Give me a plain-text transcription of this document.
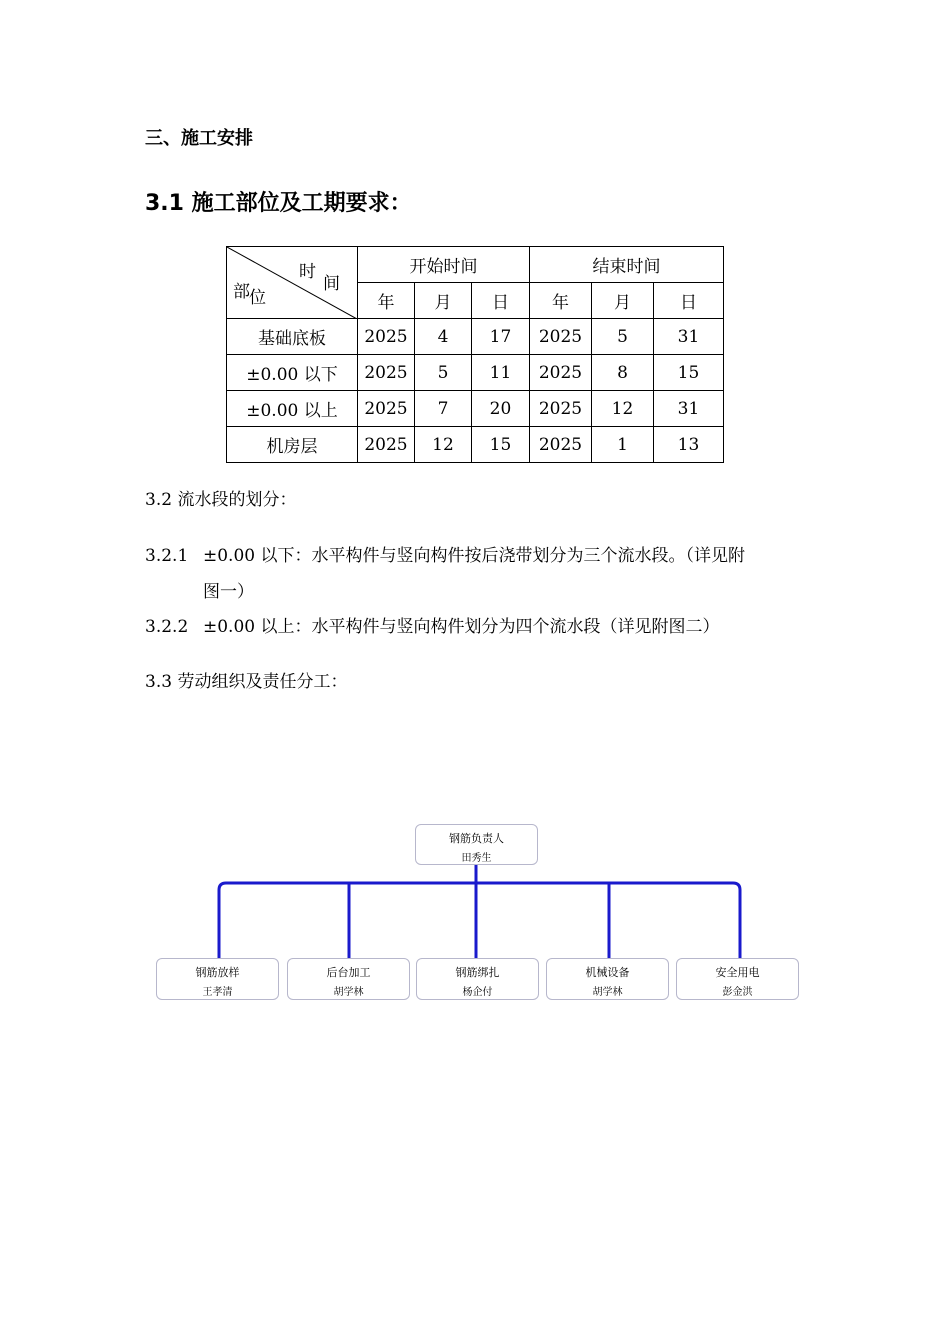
三、施工安排
3.1 施工部位及工期要求：
时
间
部 位	开始时间			结束时间		
	年	月	日	年	月	日
基础底板	2025	4	17	2025	5	31
±0.00 以下	2025	5	11	2025	8	15
±0.00 以上	2025	7	20	2025	12	31
机房层	2025	12	15	2025	1	13
3.2 流水段的划分：
3.2.1 ±0.00 以下：水平构件与竖向构件按后浇带划分为三个流水段。（详见附
图一）
3.2.2 ±0.00 以上：水平构件与竖向构件划分为四个流水段（详见附图二）
3.3 劳动组织及责任分工：
钢筋负责人
田秀生
钢筋放样
王孝清
后台加工
胡学林
钢筋绑扎
杨企付
机械设备
胡学林
安全用电
彭金洪
